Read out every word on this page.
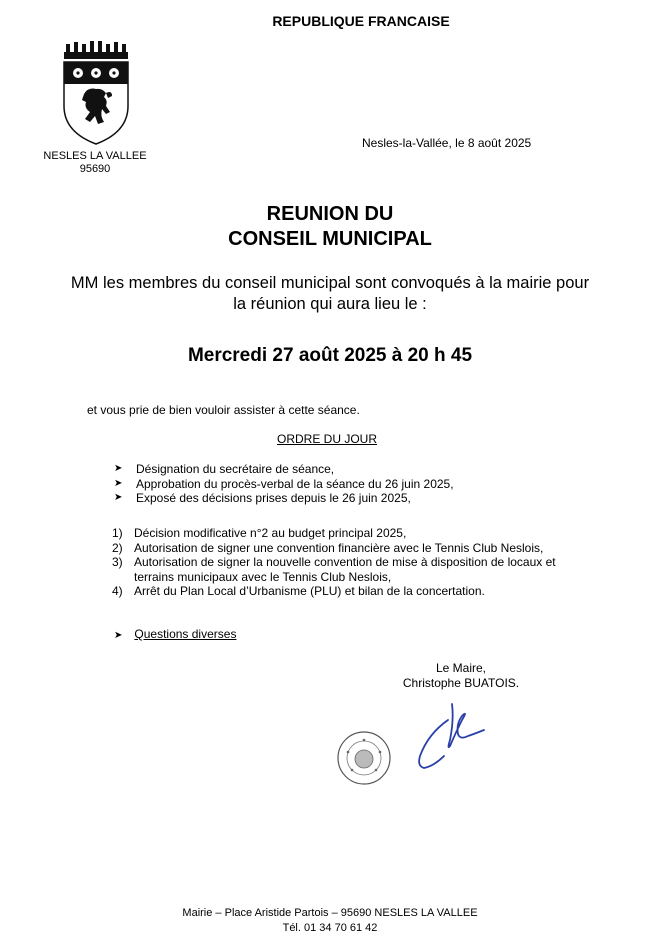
REPUBLIQUE FRANCAISE
NESLES LA VALLEE
95690
Nesles-la-Vallée, le 8 août 2025
REUNION DU
CONSEIL MUNICIPAL
MM les membres du conseil municipal sont convoqués à la mairie pour la réunion qui aura lieu le :
Mercredi 27 août 2025 à 20 h 45
et vous prie de bien vouloir assister à cette séance.
ORDRE DU JOUR
➤ Désignation du secrétaire de séance,
➤ Approbation du procès-verbal de la séance du 26 juin 2025,
➤ Exposé des décisions prises depuis le 26 juin 2025,
1) Décision modificative n°2 au budget principal 2025,
2) Autorisation de signer une convention financière avec le Tennis Club Neslois,
3) Autorisation de signer la nouvelle convention de mise à disposition de locaux et terrains municipaux avec le Tennis Club Neslois,
4) Arrêt du Plan Local d’Urbanisme (PLU) et bilan de la concertation.
➤ Questions diverses
Le Maire,
Christophe BUATOIS.
Mairie – Place Aristide Partois – 95690 NESLES LA VALLEE
Tél. 01 34 70 61 42
